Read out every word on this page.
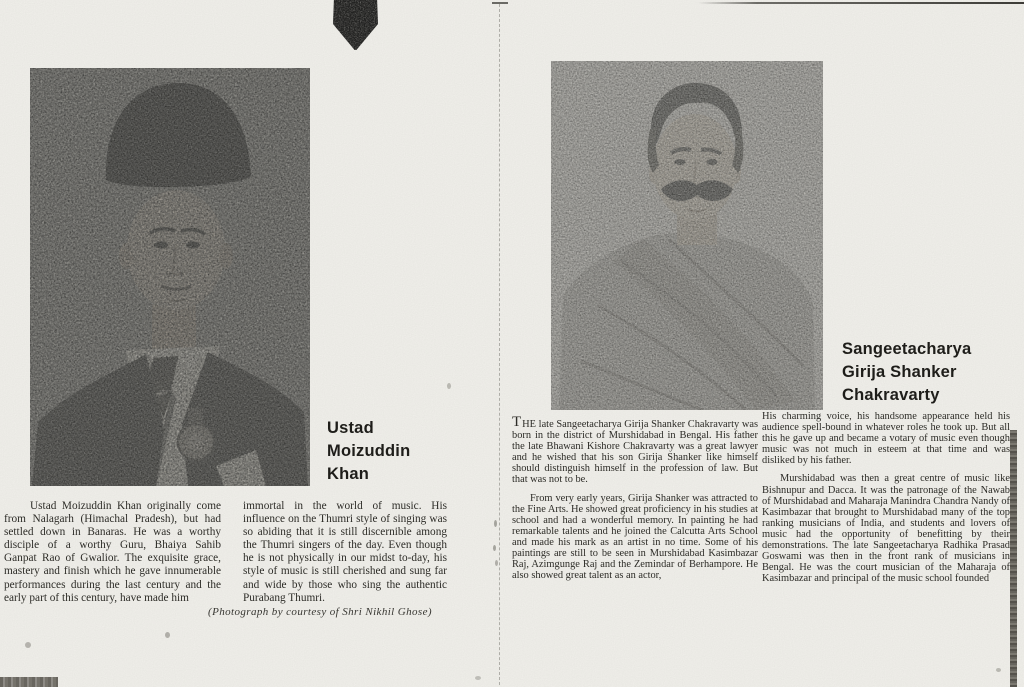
Ustad
Moizuddin
Khan

Ustad Moizuddin Khan originally come from Nalagarh (Himachal Pradesh), but had settled down in Banaras. He was a worthy disciple of a worthy Guru, Bhaiya Sahib Ganpat Rao of Gwalior. The exquisite grace, mastery and finish which he gave innumerable performances during the last century and the early part of this century, have made him

immortal in the world of music. His influence on the Thumri style of singing was so abiding that it is still discernible among the Thumri singers of the day. Even though he is not physically in our midst to-day, his style of music is still cherished and sung far and wide by those who sing the authentic Purabang Thumri.

(Photograph by courtesy of Shri Nikhil Ghose)
Sangeetacharya
Girija Shanker
Chakravarty

THE late Sangeetacharya Girija Shanker Chakravarty was born in the district of Murshidabad in Bengal. His father the late Bhawani Kishore Chakravarty was a great lawyer and he wished that his son Girija Shanker like himself should distinguish himself in the profession of law. But that was not to be.

From very early years, Girija Shanker was attracted to the Fine Arts. He showed great proficiency in his studies at school and had a wonderful memory. In painting he had remarkable talents and he joined the Calcutta Arts School and made his mark as an artist in no time. Some of his paintings are still to be seen in Murshidabad Kasimbazar Raj, Azimgunge Raj and the Zemindar of Berhampore. He also showed great talent as an actor,

His charming voice, his handsome appearance held his audience spell-bound in whatever roles he took up. But all this he gave up and became a votary of music even though music was not much in esteem at that time and was disliked by his father.

Murshidabad was then a great centre of music like Bishnupur and Dacca. It was the patronage of the Nawab of Murshidabad and Maharaja Manindra Chandra Nandy of Kasimbazar that brought to Murshidabad many of the top ranking musicians of India, and students and lovers of music had the opportunity of benefitting by their demonstrations. The late Sangeetacharya Radhika Prasad Goswami was then in the front rank of musicians in Bengal. He was the court musician of the Maharaja of Kasimbazar and principal of the music school founded
